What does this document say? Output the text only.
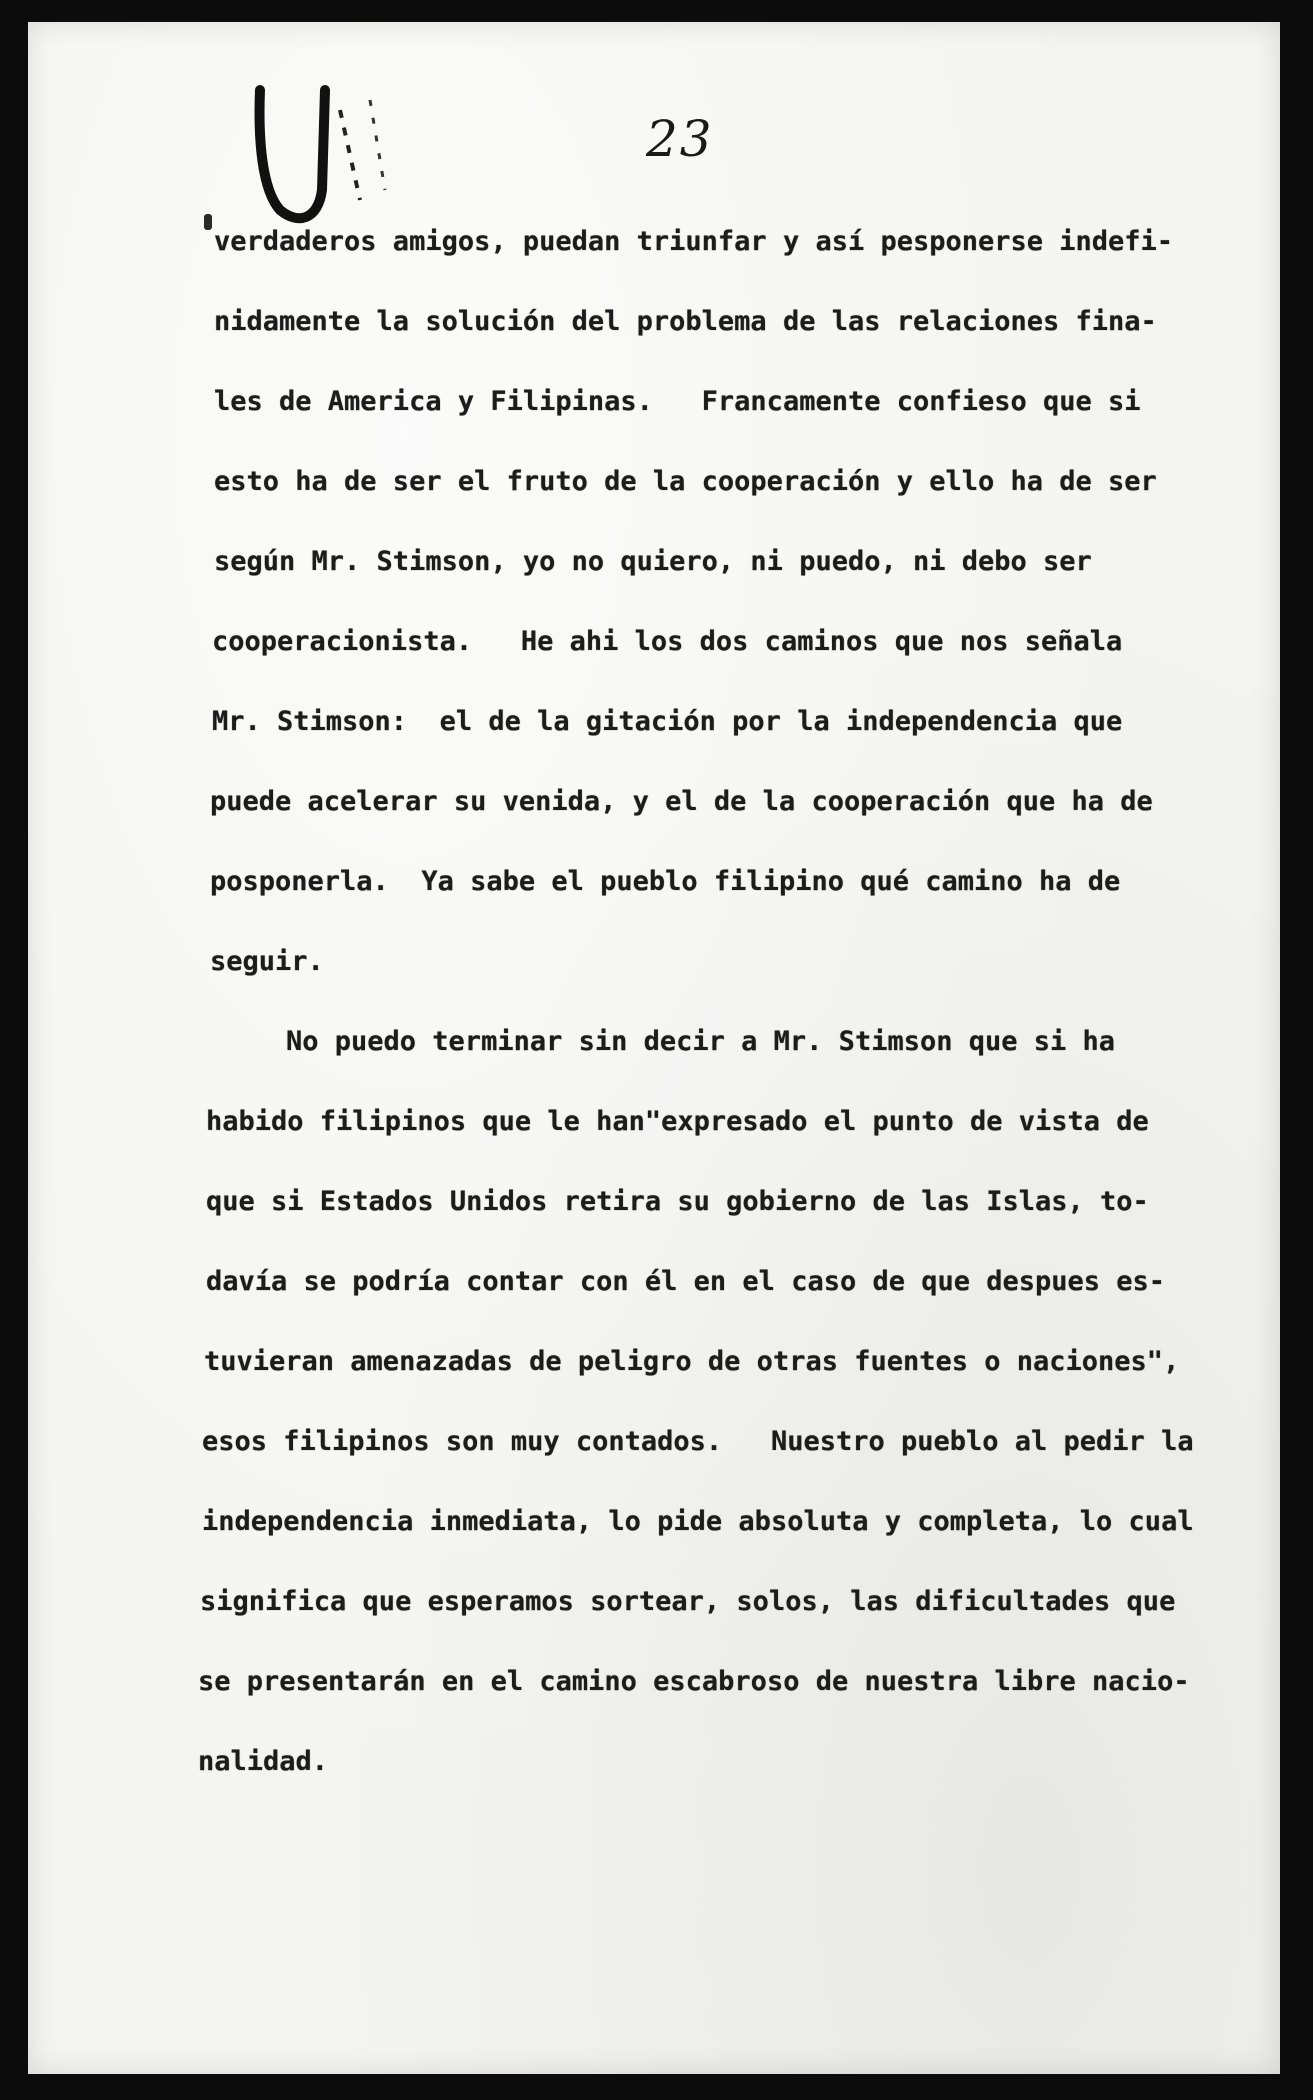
23

verdaderos amigos, puedan triunfar y así pesponerse indefi-

nidamente la solución del problema de las relaciones fina-

les de America y Filipinas.   Francamente confieso que si

esto ha de ser el fruto de la cooperación y ello ha de ser

según Mr. Stimson, yo no quiero, ni puedo, ni debo ser

cooperacionista.   He ahi los dos caminos que nos señala

Mr. Stimson:  el de la gitación por la independencia que

puede acelerar su venida, y el de la cooperación que ha de

posponerla.  Ya sabe el pueblo filipino qué camino ha de

seguir.

No puedo terminar sin decir a Mr. Stimson que si ha

habido filipinos que le han"expresado el punto de vista de

que si Estados Unidos retira su gobierno de las Islas, to-

davía se podría contar con él en el caso de que despues es-

tuvieran amenazadas de peligro de otras fuentes o naciones",

esos filipinos son muy contados.   Nuestro pueblo al pedir la

independencia inmediata, lo pide absoluta y completa, lo cual

significa que esperamos sortear, solos, las dificultades que

se presentarán en el camino escabroso de nuestra libre nacio-

nalidad.
